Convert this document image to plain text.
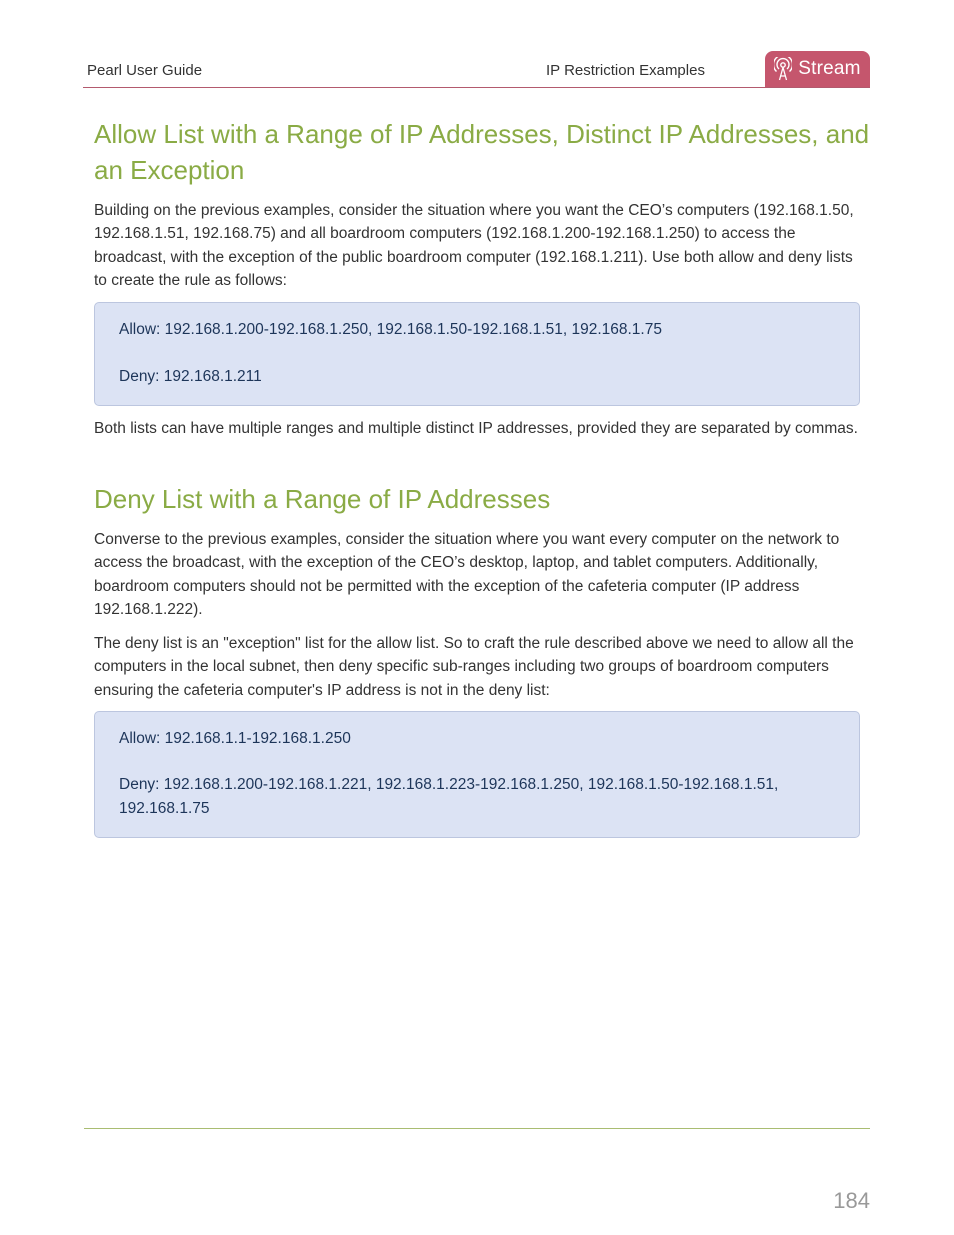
Pearl User Guide	IP Restriction Examples	Stream
Allow List with a Range of IP Addresses, Distinct IP Addresses, and an Exception

Building on the previous examples, consider the situation where you want the CEO’s computers (192.168.1.50, 192.168.1.51, 192.168.75) and all boardroom computers (192.168.1.200-192.168.1.250) to access the broadcast, with the exception of the public boardroom computer (192.168.1.211). Use both allow and deny lists to create the rule as follows:

Allow: 192.168.1.200-192.168.1.250, 192.168.1.50-192.168.1.51, 192.168.1.75
Deny: 192.168.1.211

Both lists can have multiple ranges and multiple distinct IP addresses, provided they are separated by commas.

Deny List with a Range of IP Addresses

Converse to the previous examples, consider the situation where you want every computer on the network to access the broadcast, with the exception of the CEO’s desktop, laptop, and tablet computers. Additionally, boardroom computers should not be permitted with the exception of the cafeteria computer (IP address 192.168.1.222).

The deny list is an "exception" list for the allow list. So to craft the rule described above we need to allow all the computers in the local subnet, then deny specific sub-ranges including two groups of boardroom computers ensuring the cafeteria computer's IP address is not in the deny list:

Allow: 192.168.1.1-192.168.1.250
Deny: 192.168.1.200-192.168.1.221, 192.168.1.223-192.168.1.250, 192.168.1.50-192.168.1.51, 192.168.1.75
184
